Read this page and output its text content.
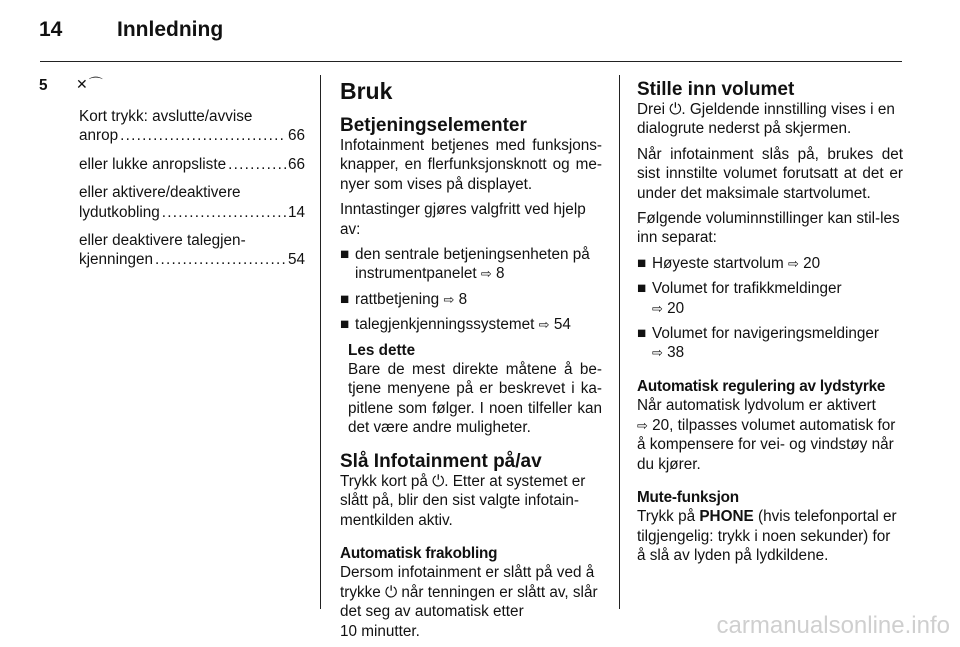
14	Innledning
5 ✕⌒
Kort trykk: avslutte/avvise
anrop . . .	66
eller lukke anropsliste . . .	66
eller aktivere/deaktivere
lydutkobling . . .	14
eller deaktivere talegjen-
kjenningen . . .	54
Bruk
Betjeningselementer

Infotainment betjenes med funksjons-knapper, en flerfunksjonsknott og me-nyer som vises på displayet.

Inntastinger gjøres valgfritt ved hjelp av:

■ den sentrale betjeningsenheten på instrumentpanelet ⇨ 8
■ rattbetjening ⇨ 8
■ talegjenkjenningssystemet ⇨ 54
Les dette
Bare de mest direkte måtene å be-tjene menyene på er beskrevet i ka-pitlene som følger. I noen tilfeller kan det være andre muligheter.
Slå Infotainment på/av

Trykk kort på ⏻. Etter at systemet er slått på, blir den sist valgte infotain-mentkilden aktiv.

Automatisk frakobling

Dersom infotainment er slått på ved å trykke ⏻ når tenningen er slått av, slår det seg av automatisk etter
10 minutter.

Stille inn volumet

Drei ⏻. Gjeldende innstilling vises i en dialogrute nederst på skjermen.

Når infotainment slås på, brukes det sist innstilte volumet forutsatt at det er under det maksimale startvolumet.

Følgende voluminnstillinger kan stil-les inn separat:

■ Høyeste startvolum ⇨ 20
■ Volumet for trafikkmeldinger
⇨ 20
■ Volumet for navigeringsmeldinger
⇨ 38
Automatisk regulering av lydstyrke

Når automatisk lydvolum er aktivert
⇨ 20, tilpasses volumet automatisk for å kompensere for vei- og vindstøy når du kjører.

Mute-funksjon

Trykk på PHONE (hvis telefonportal er tilgjengelig: trykk i noen sekunder) for å slå av lyden på lydkildene.

carmanualsonline.info
